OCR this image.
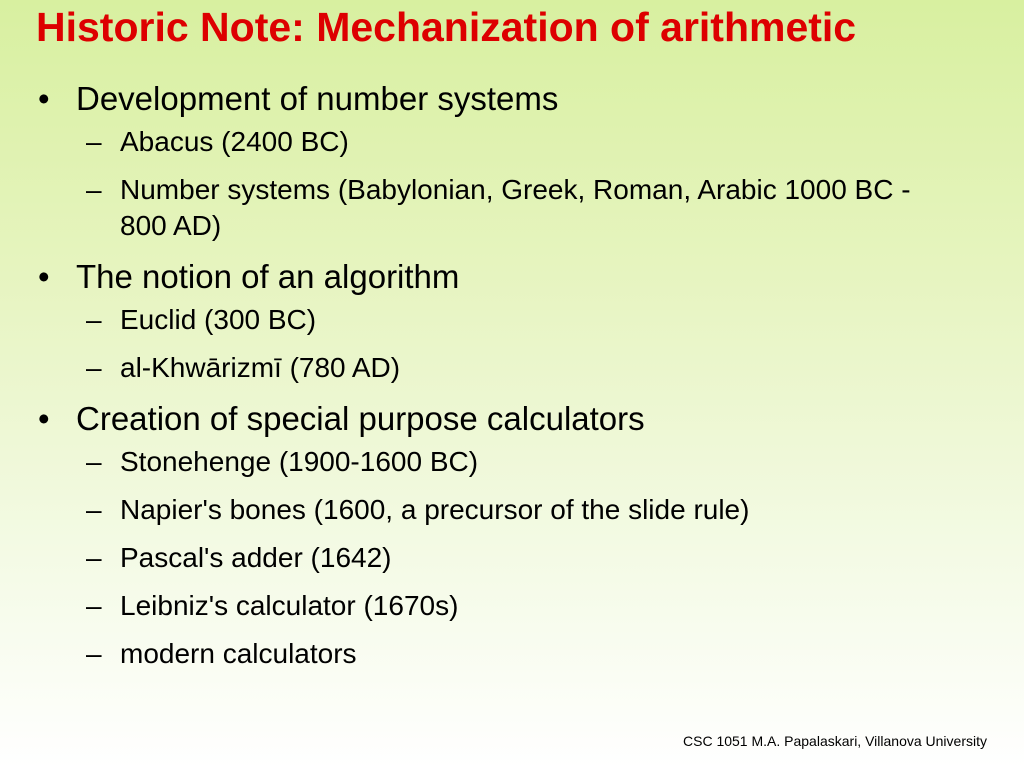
Historic Note: Mechanization of arithmetic
• Development of number systems
– Abacus (2400 BC)
– Number systems (Babylonian, Greek, Roman, Arabic 1000 BC - 800 AD)
• The notion of an algorithm
– Euclid (300 BC)
– al-Khwārizmī (780 AD)
• Creation of special purpose calculators
– Stonehenge (1900-1600 BC)
– Napier's bones (1600, a precursor of the slide rule)
– Pascal's adder (1642)
– Leibniz's calculator (1670s)
– modern calculators
CSC 1051 M.A. Papalaskari, Villanova University
